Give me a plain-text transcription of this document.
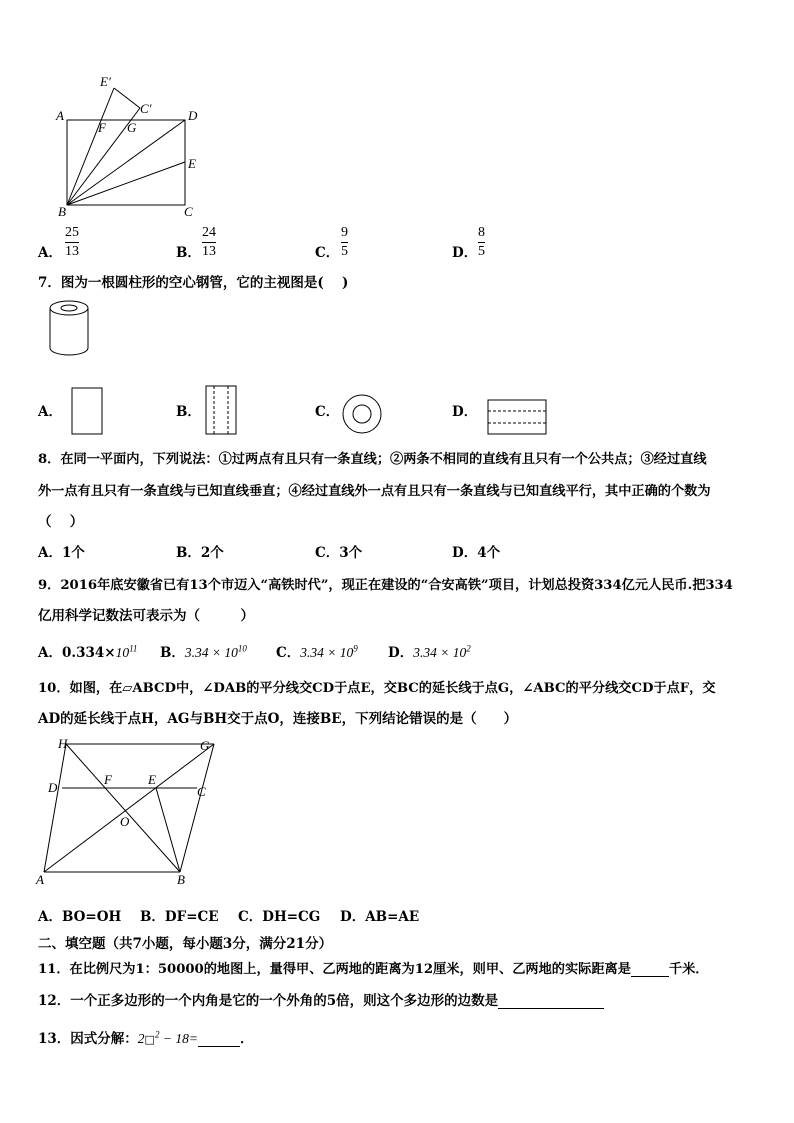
E′
C′
A	D
F G
E
B	C
A．
25
13	B．
24
13	C．
9
5	D．
8
5
7．图为一根圆柱形的空心钢管，它的主视图是(　 )
A．	B．	C．	D．
8．在同一平面内，下列说法：①过两点有且只有一条直线；②两条不相同的直线有且只有一个公共点；③经过直线
外一点有且只有一条直线与已知直线垂直；④经过直线外一点有且只有一条直线与已知直线平行，其中正确的个数为
（　 ）
A．1个	B．2个	C．3个	D．4个
9．2016年底安徽省已有13个市迈入“高铁时代”，现正在建设的“合安高铁”项目，计划总投资334亿元人民币.把334
亿用科学记数法可表示为（　　　）
A．$0.334\times 10^{11}$ B．$3.34 \times 10^{10}$ C．$3.34 \times 10^9$ D．$3.34 \times 10^2$
10．如图，在▱ABCD中，∠DAB的平分线交CD于点E，交BC的延长线于点G，∠ABC的平分线交CD于点F，交
AD的延长线于点H，AG与BH交于点O，连接BE，下列结论错误的是（　　）
H	G
D
F	E
C
O
A	B
A．BO=OH B．DF=CE C．DH=CG D．AB=AE
二、填空题（共7小题，每小题3分，满分21分）
11．在比例尺为1：50000的地图上，量得甲、乙两地的距离为12厘米，则甲、乙两地的实际距离是	千米．
12．一个正多边形的一个内角是它的一个外角的5倍，则这个多边形的边数是
13．因式分解：2□$^2$ − 18=	．
